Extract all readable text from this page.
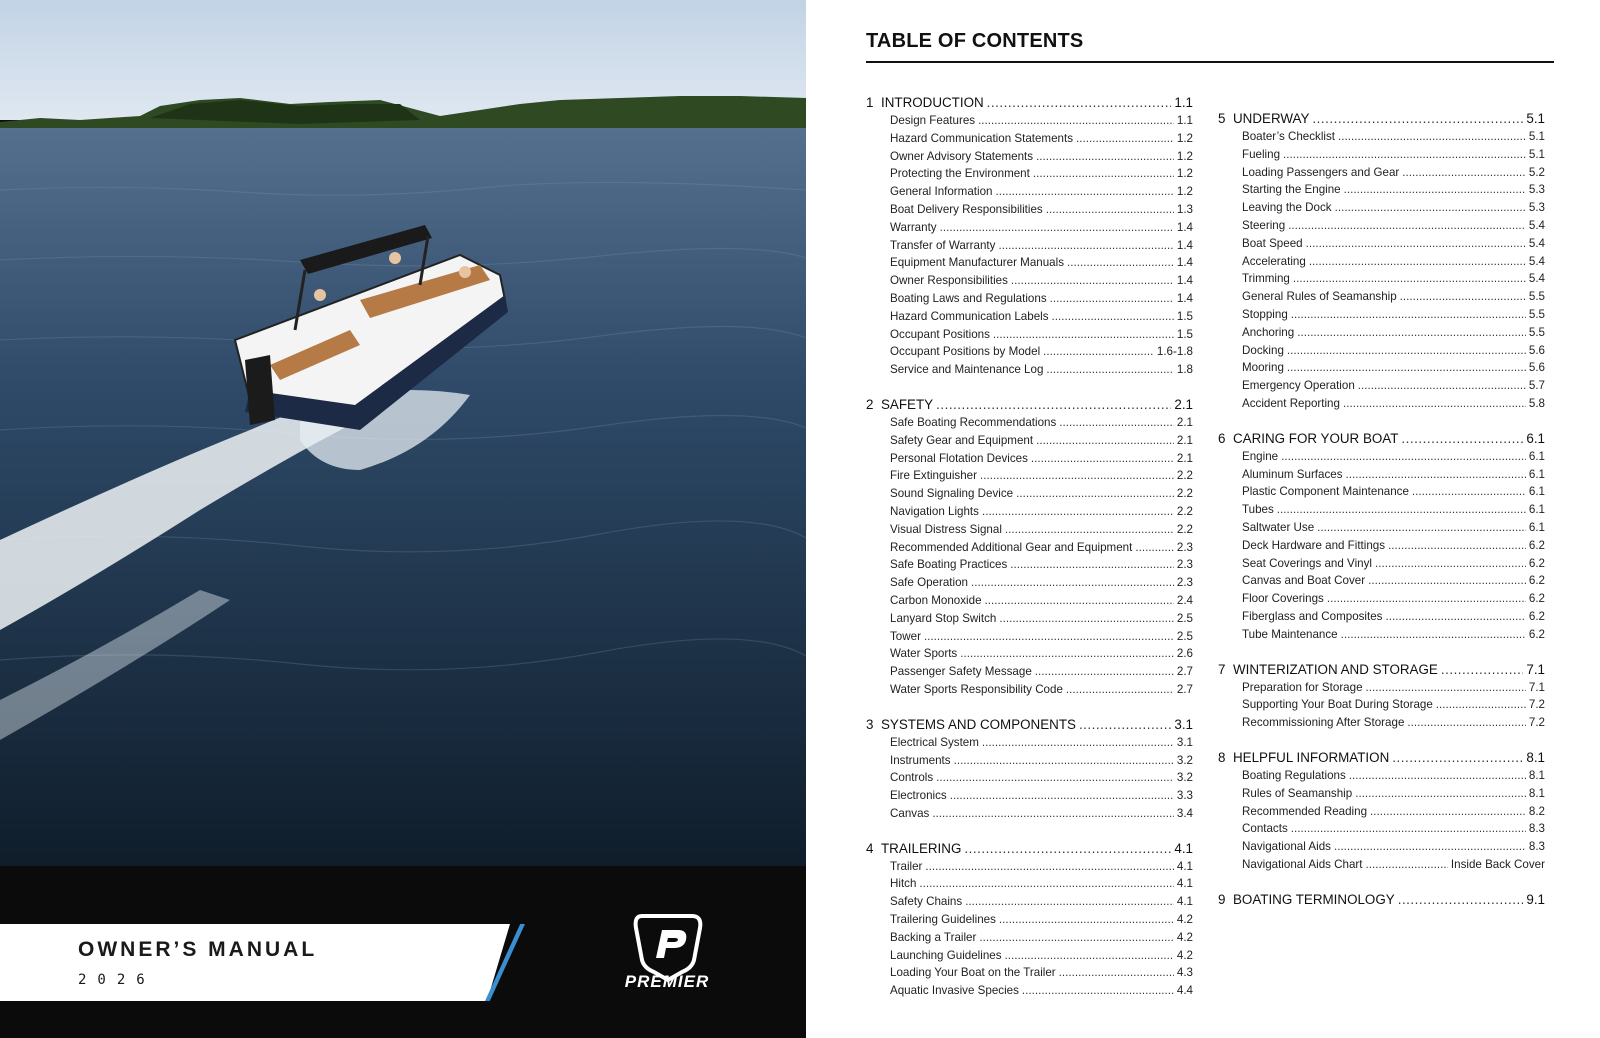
OWNER’S MANUAL
2026	PREMIER
TABLE OF CONTENTS
1 INTRODUCTION . . .	1.1
Design Features . . .	1.1
Hazard Communication Statements . . .	1.2
Owner Advisory Statements . . .	1.2
Protecting the Environment . . .	1.2
General Information . . .	1.2
Boat Delivery Responsibilities . . .	1.3
Warranty . . .	1.4
Transfer of Warranty . . .	1.4
Equipment Manufacturer Manuals . . .	1.4
Owner Responsibilities . . .	1.4
Boating Laws and Regulations . . .	1.4
Hazard Communication Labels . . .	1.5
Occupant Positions . . .	1.5
Occupant Positions by Model . . .	1.6-1.8
Service and Maintenance Log . . .	1.8
2 SAFETY . . .	2.1
Safe Boating Recommendations . . .	2.1
Safety Gear and Equipment . . .	2.1
Personal Flotation Devices . . .	2.1
Fire Extinguisher . . .	2.2
Sound Signaling Device . . .	2.2
Navigation Lights . . .	2.2
Visual Distress Signal . . .	2.2
Recommended Additional Gear and Equipment . . .	2.3
Safe Boating Practices . . .	2.3
Safe Operation . . .	2.3
Carbon Monoxide . . .	2.4
Lanyard Stop Switch . . .	2.5
Tower . . .	2.5
Water Sports . . .	2.6
Passenger Safety Message . . .	2.7
Water Sports Responsibility Code . . .	2.7
3 SYSTEMS AND COMPONENTS . . .	3.1
Electrical System . . .	3.1
Instruments . . .	3.2
Controls . . .	3.2
Electronics . . .	3.3
Canvas . . .	3.4
4 TRAILERING . . .	4.1
Trailer . . .	4.1
Hitch . . .	4.1
Safety Chains . . .	4.1
Trailering Guidelines . . .	4.2
Backing a Trailer . . .	4.2
Launching Guidelines . . .	4.2
Loading Your Boat on the Trailer . . .	4.3
Aquatic Invasive Species . . .	4.4
5 UNDERWAY . . .	5.1
Boater’s Checklist . . .	5.1
Fueling . . .	5.1
Loading Passengers and Gear . . .	5.2
Starting the Engine . . .	5.3
Leaving the Dock . . .	5.3
Steering . . .	5.4
Boat Speed . . .	5.4
Accelerating . . .	5.4
Trimming . . .	5.4
General Rules of Seamanship . . .	5.5
Stopping . . .	5.5
Anchoring . . .	5.5
Docking . . .	5.6
Mooring . . .	5.6
Emergency Operation . . .	5.7
Accident Reporting . . .	5.8
6 CARING FOR YOUR BOAT . . .	6.1
Engine . . .	6.1
Aluminum Surfaces . . .	6.1
Plastic Component Maintenance . . .	6.1
Tubes . . .	6.1
Saltwater Use . . .	6.1
Deck Hardware and Fittings . . .	6.2
Seat Coverings and Vinyl . . .	6.2
Canvas and Boat Cover . . .	6.2
Floor Coverings . . .	6.2
Fiberglass and Composites . . .	6.2
Tube Maintenance . . .	6.2
7 WINTERIZATION AND STORAGE . . .	7.1
Preparation for Storage . . .	7.1
Supporting Your Boat During Storage . . .	7.2
Recommissioning After Storage . . .	7.2
8 HELPFUL INFORMATION . . .	8.1
Boating Regulations . . .	8.1
Rules of Seamanship . . .	8.1
Recommended Reading . . .	8.2
Contacts . . .	8.3
Navigational Aids . . .	8.3
Navigational Aids Chart . . .	Inside Back Cover
9 BOATING TERMINOLOGY . . .	9.1
